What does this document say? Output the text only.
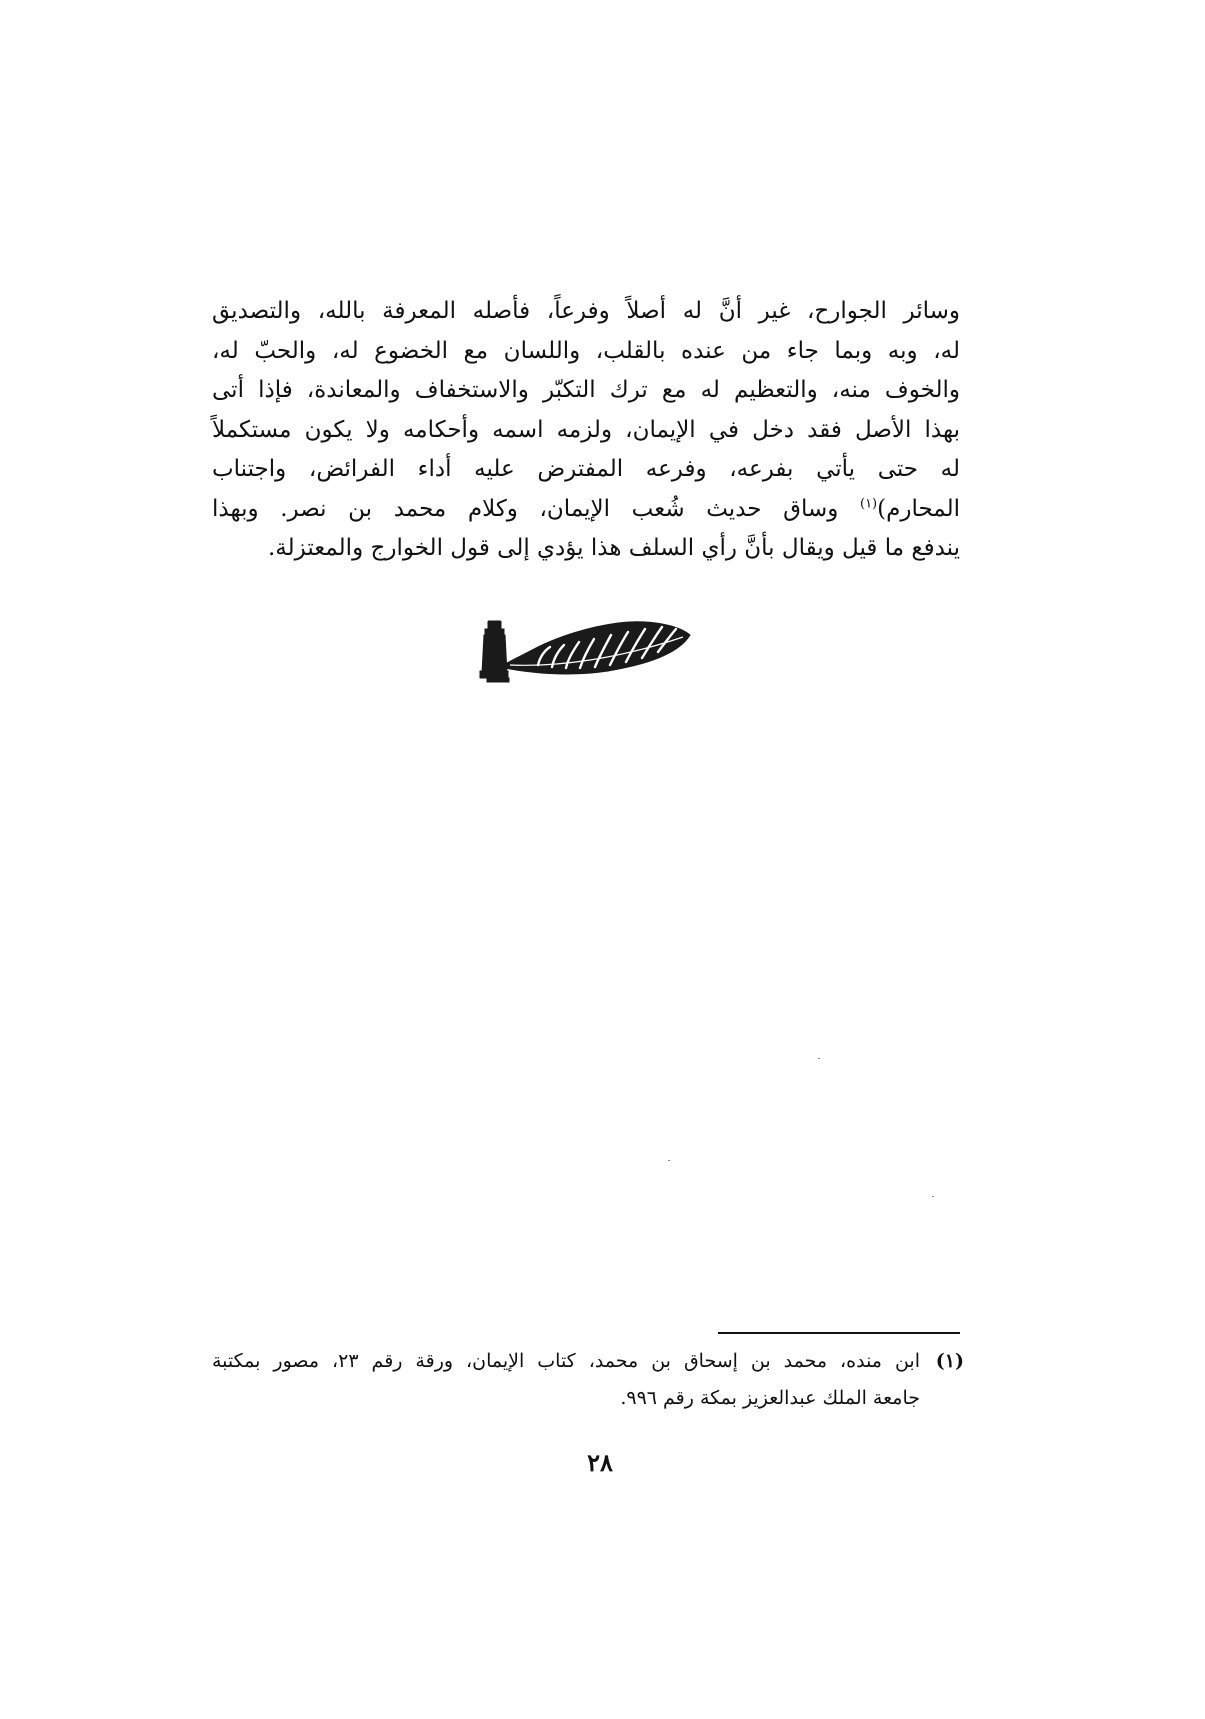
وسائر الجوارح، غير أنَّ له أصلاً وفرعاً، فأصله المعرفة بالله، والتصديق

له، وبه وبما جاء من عنده بالقلب، واللسان مع الخضوع له، والحبّ له،

والخوف منه، والتعظيم له مع ترك التكبّر والاستخفاف والمعاندة، فإذا أتى

بهذا الأصل فقد دخل في الإيمان، ولزمه اسمه وأحكامه ولا يكون مستكملاً

له حتى يأتي بفرعه، وفرعه المفترض عليه أداء الفرائض، واجتناب

المحارم)$^{(١)}$ وساق حديث شُعب الإيمان، وكلام محمد بن نصر. وبهذا

يندفع ما قيل ويقال بأنَّ رأي السلف هذا يؤدي إلى قول الخوارج والمعتزلة.

(١)
ابن منده، محمد بن إسحاق بن محمد، كتاب الإيمان، ورقة رقم ٢٣، مصور بمكتبة
جامعة الملك عبدالعزيز بمكة رقم ٩٩٦.
٢٨
